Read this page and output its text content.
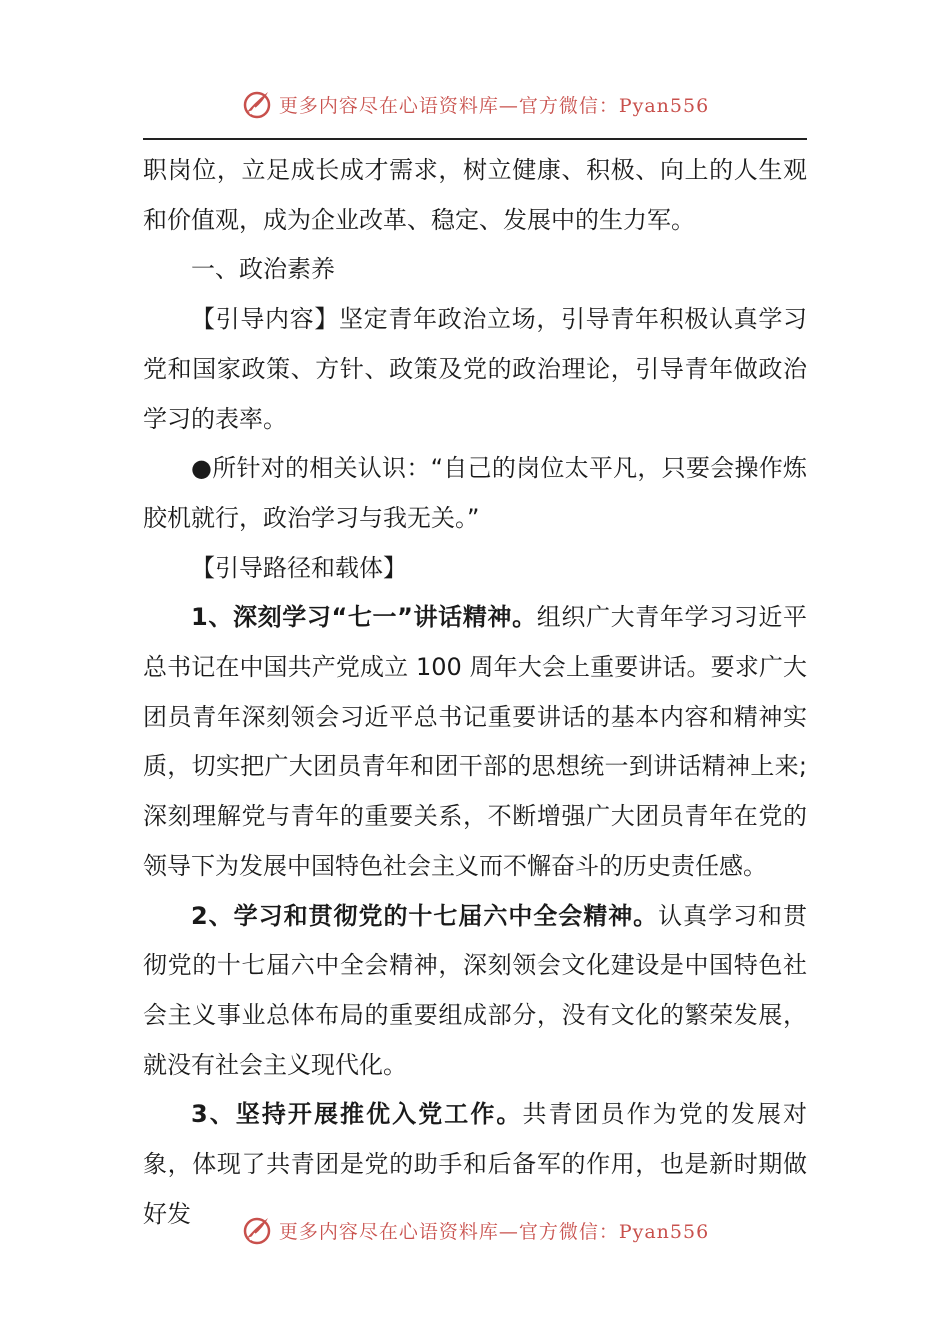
更多内容尽在心语资料库—官方微信：Pyan556

职岗位，立足成长成才需求，树立健康、积极、向上的人生观和价值观，成为企业改革、稳定、发展中的生力军。

一、政治素养

【引导内容】坚定青年政治立场，引导青年积极认真学习党和国家政策、方针、政策及党的政治理论，引导青年做政治学习的表率。

●所针对的相关认识：“自己的岗位太平凡，只要会操作炼胶机就行，政治学习与我无关。”

【引导路径和载体】

1、深刻学习“七一”讲话精神。组织广大青年学习习近平总书记在中国共产党成立 100 周年大会上重要讲话。要求广大团员青年深刻领会习近平总书记重要讲话的基本内容和精神实质，切实把广大团员青年和团干部的思想统一到讲话精神上来;深刻理解党与青年的重要关系，不断增强广大团员青年在党的领导下为发展中国特色社会主义而不懈奋斗的历史责任感。

2、学习和贯彻党的十七届六中全会精神。认真学习和贯彻党的十七届六中全会精神，深刻领会文化建设是中国特色社会主义事业总体布局的重要组成部分，没有文化的繁荣发展，就没有社会主义现代化。

3、坚持开展推优入党工作。共青团员作为党的发展对象，体现了共青团是党的助手和后备军的作用，也是新时期做好发

更多内容尽在心语资料库—官方微信：Pyan556
